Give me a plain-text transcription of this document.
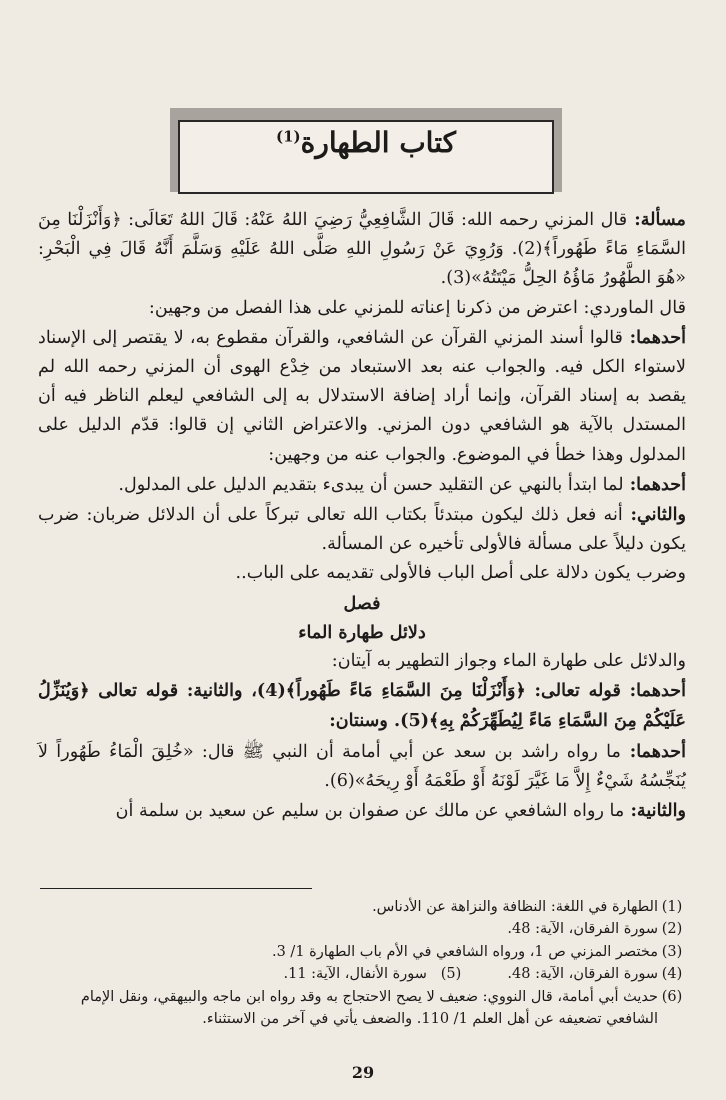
كتاب الطهارة$^{(1)}$

مسألة: قال المزني رحمه الله: قَالَ الشَّافِعِيُّ رَضِيَ اللهُ عَنْهُ: قَالَ اللهُ تَعَالَى: ﴿وَأَنْزَلْنَا مِنَ السَّمَاءِ مَاءً طَهُوراً﴾(2). وَرُوِيَ عَنْ رَسُولِ اللهِ صَلَّى اللهُ عَلَيْهِ وَسَلَّمَ أَنَّهُ قَالَ فِي الْبَحْرِ: «هُوَ الطَّهُورُ مَاؤُهُ الحِلُّ مَيْتَتُهُ»(3).

قال الماوردي: اعترض من ذكرنا إعناته للمزني على هذا الفصل من وجهين:

أحدهما: قالوا أسند المزني القرآن عن الشافعي، والقرآن مقطوع به، لا يقتصر إلى الإسناد لاستواء الكل فيه. والجواب عنه بعد الاستبعاد من خِدْع الهوى أن المزني رحمه الله لم يقصد به إسناد القرآن، وإنما أراد إضافة الاستدلال به إلى الشافعي ليعلم الناظر فيه أن المستدل بالآية هو الشافعي دون المزني. والاعتراض الثاني إن قالوا: قدّم الدليل على المدلول وهذا خطأ في الموضوع. والجواب عنه من وجهين:

أحدهما: لما ابتدأ بالنهي عن التقليد حسن أن يبدىء بتقديم الدليل على المدلول.

والثاني: أنه فعل ذلك ليكون مبتدئاً بكتاب الله تعالى تبركاً على أن الدلائل ضربان: ضرب يكون دليلاً على مسألة فالأولى تأخيره عن المسألة.

وضرب يكون دلالة على أصل الباب فالأولى تقديمه على الباب..

فصل

دلائل طهارة الماء

والدلائل على طهارة الماء وجواز التطهير به آيتان:

أحدهما: قوله تعالى: ﴿وَأَنْزَلْنَا مِنَ السَّمَاءِ مَاءً طَهُوراً﴾(4)، والثانية: قوله تعالى ﴿وَيُنَزِّلُ عَلَيْكُمْ مِنَ السَّمَاءِ مَاءً لِيُطَهِّرَكُمْ بِهِ﴾(5). وسنتان:

أحدهما: ما رواه راشد بن سعد عن أبي أمامة أن النبي ﷺ قال: «خُلِقَ الْمَاءُ طَهُوراً لاَ يُنَجِّسُهُ شَيْءٌ إِلاَّ مَا غَيَّرَ لَوْنَهُ أَوْ طَعْمَهُ أَوْ رِيحَهُ»(6).

والثانية: ما رواه الشافعي عن مالك عن صفوان بن سليم عن سعيد بن سلمة أن

(1)
الطهارة في اللغة: النظافة والنزاهة عن الأدناس.
(2)
سورة الفرقان، الآية: 48.
(3)
مختصر المزني ص 1، ورواه الشافعي في الأم باب الطهارة 1/ 3.
(4)
سورة الفرقان، الآية: 48.          (5)   سورة الأنفال، الآية: 11.
(6)
حديث أبي أمامة، قال النووي: ضعيف لا يصح الاحتجاج به وقد رواه ابن ماجه والبيهقي، ونقل الإمام الشافعي تضعيفه عن أهل العلم 1/ 110. والضعف يأتي في آخر من الاستثناء.
29
